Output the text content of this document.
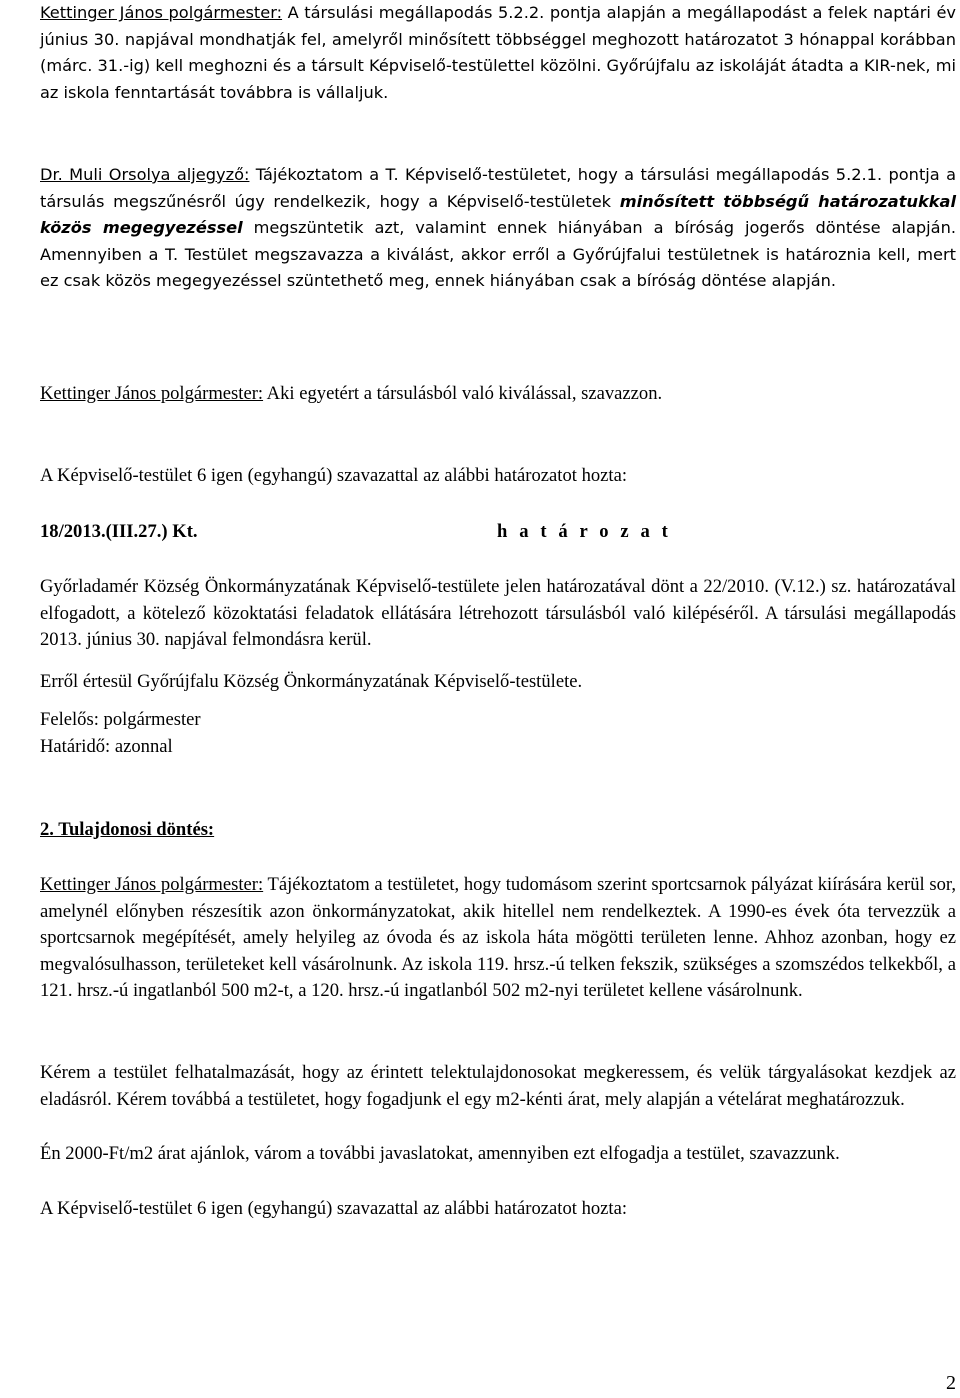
Kettinger János polgármester: A társulási megállapodás 5.2.2. pontja alapján a megállapodást a felek naptári év június 30. napjával mondhatják fel, amelyről minősített többséggel meghozott határozatot 3 hónappal korábban (márc. 31.-ig) kell meghozni és a társult Képviselő-testülettel közölni. Győrújfalu az iskoláját átadta a KIR-nek, mi az iskola fenntartását továbbra is vállaljuk.

Dr. Muli Orsolya aljegyző: Tájékoztatom a T. Képviselő-testületet, hogy a társulási megállapodás 5.2.1. pontja a társulás megszűnésről úgy rendelkezik, hogy a Képviselő-testületek minősített többségű határozatukkal közös megegyezéssel megszüntetik azt, valamint ennek hiányában a bíróság jogerős döntése alapján. Amennyiben a T. Testület megszavazza a kiválást, akkor erről a Győrújfalui testületnek is határoznia kell, mert ez csak közös megegyezéssel szüntethető meg, ennek hiányában csak a bíróság döntése alapján.

Kettinger János polgármester: Aki egyetért a társulásból való kiválással, szavazzon.

A Képviselő-testület 6 igen (egyhangú) szavazattal az alábbi határozatot hozta:

18/2013.(III.27.) Kt.	h a t á r o z a t

Győrladamér Község Önkormányzatának Képviselő-testülete jelen határozatával dönt a 22/2010. (V.12.) sz. határozatával elfogadott, a kötelező közoktatási feladatok ellátására létrehozott társulásból való kilépéséről. A társulási megállapodás 2013. június 30. napjával felmondásra kerül.

Erről értesül Győrújfalu Község Önkormányzatának Képviselő-testülete.

Felelős: polgármester

Határidő: azonnal

2. Tulajdonosi döntés:

Kettinger János polgármester: Tájékoztatom a testületet, hogy tudomásom szerint sportcsarnok pályázat kiírására kerül sor, amelynél előnyben részesítik azon önkormányzatokat, akik hitellel nem rendelkeztek. A 1990-es évek óta tervezzük a sportcsarnok megépítését, amely helyileg az óvoda és az iskola háta mögötti területen lenne. Ahhoz azonban, hogy ez megvalósulhasson, területeket kell vásárolnunk. Az iskola 119. hrsz.-ú telken fekszik, szükséges a szomszédos telkekből, a 121. hrsz.-ú ingatlanból 500 m2-t, a 120. hrsz.-ú ingatlanból 502 m2-nyi területet kellene vásárolnunk.

Kérem a testület felhatalmazását, hogy az érintett telektulajdonosokat megkeressem, és velük tárgyalásokat kezdjek az eladásról. Kérem továbbá a testületet, hogy fogadjunk el egy m2-kénti árat, mely alapján a vételárat meghatározzuk.

Én 2000-Ft/m2 árat ajánlok, várom a további javaslatokat, amennyiben ezt elfogadja a testület, szavazzunk.

A Képviselő-testület 6 igen (egyhangú) szavazattal az alábbi határozatot hozta:

2
